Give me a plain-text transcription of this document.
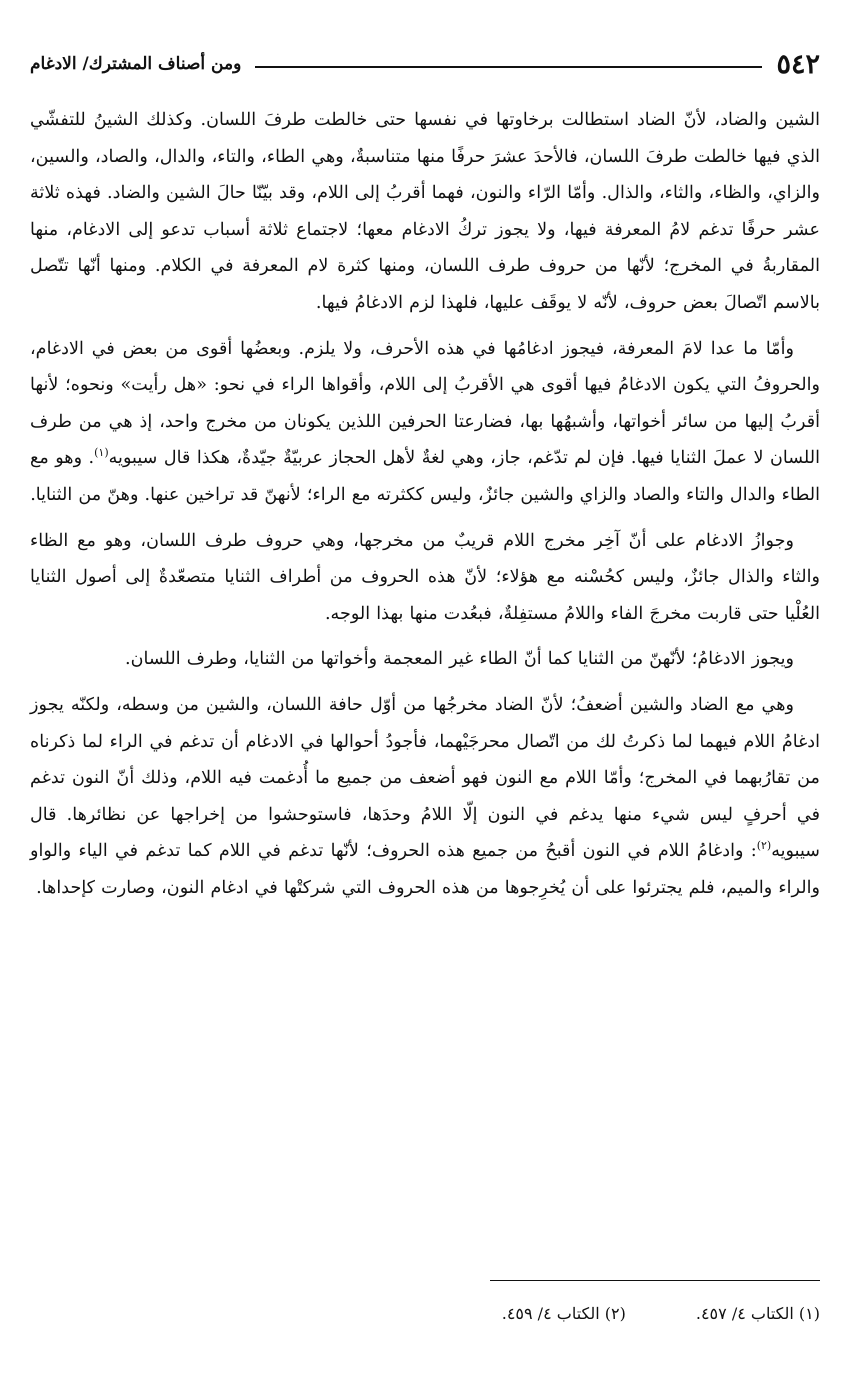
٥٤٢
ومن أصناف المشترك/ الادغام

الشين والضاد، لأنّ الضاد استطالت برخاوتها في نفسها حتى خالطت طرفَ اللسان. وكذلك الشينُ للتفشّي الذي فيها خالطت طرفَ اللسان، فالأحدَ عشرَ حرفًا منها متناسبةٌ، وهي الطاء، والتاء، والدال، والصاد، والسين، والزاي، والظاء، والثاء، والذال. وأمّا الرّاء والنون، فهما أقربُ إلى اللام، وقد بيّنّا حالَ الشين والضاد. فهذه ثلاثة عشر حرفًا تدغم لامُ المعرفة فيها، ولا يجوز تركُ الادغام معها؛ لاجتماع ثلاثة أسباب تدعو إلى الادغام، منها المقاربةُ في المخرج؛ لأنّها من حروف طرف اللسان، ومنها كثرة لام المعرفة في الكلام. ومنها أنّها تتّصل بالاسم اتّصالَ بعض حروف، لأنّه لا يوقَف عليها، فلهذا لزم الادغامُ فيها.

وأمّا ما عدا لامَ المعرفة، فيجوز ادغامُها في هذه الأحرف، ولا يلزم. وبعضُها أقوى من بعض في الادغام، والحروفُ التي يكون الادغامُ فيها أقوى هي الأقربُ إلى اللام، وأقواها الراء في نحو: «هل رأيت» ونحوه؛ لأنها أقربُ إليها من سائر أخواتها، وأشبهُها بها، فضارعتا الحرفين اللذين يكونان من مخرج واحد، إذ هي من طرف اللسان لا عملَ الثنايا فيها. فإن لم تدّغم، جاز، وهي لغةٌ لأهل الحجاز عربيّةٌ جيّدةٌ، هكذا قال سيبويه$^{(١)}$. وهو مع الطاء والدال والتاء والصاد والزاي والشين جائزٌ، وليس ككثرته مع الراء؛ لأنهنّ قد تراخين عنها. وهنّ من الثنايا.

وجوازُ الادغام على أنّ آخِر مخرج اللام قريبٌ من مخرجها، وهي حروف طرف اللسان، وهو مع الظاء والثاء والذال جائزٌ، وليس كحُسْنه مع هؤلاء؛ لأنّ هذه الحروف من أطراف الثنايا متصعّدةٌ إلى أصول الثنايا العُلْيا حتى قاربت مخرجَ الفاء واللامُ مستفِلةٌ، فبعُدت منها بهذا الوجه.

ويجوز الادغامُ؛ لأنّهنّ من الثنايا كما أنّ الطاء غير المعجمة وأخواتها من الثنايا، وطرف اللسان.

وهي مع الضاد والشين أضعفُ؛ لأنّ الضاد مخرجُها من أوّل حافة اللسان، والشين من وسطه، ولكنّه يجوز ادغامُ اللام فيهما لما ذكرتُ لك من اتّصال محرجَيْهما، فأجودُ أحوالها في الادغام أن تدغم في الراء لما ذكرناه من تقارُبهما في المخرج؛ وأمّا اللام مع النون فهو أضعف من جميع ما أُدغمت فيه اللام، وذلك أنّ النون تدغم في أحرفٍ ليس شيء منها يدغم في النون إلّا اللامُ وحدَها، فاستوحشوا من إخراجها عن نظائرها. قال سيبويه$^{(٢)}$: وادغامُ اللام في النون أقبحُ من جميع هذه الحروف؛ لأنّها تدغم في اللام كما تدغم في الياء والواو والراء والميم، فلم يجترئوا على أن يُخرِجوها من هذه الحروف التي شركتْها في ادغام النون، وصارت كإحداها.

(١) الكتاب ٤/ ٤٥٧.
(٢) الكتاب ٤/ ٤٥٩.
